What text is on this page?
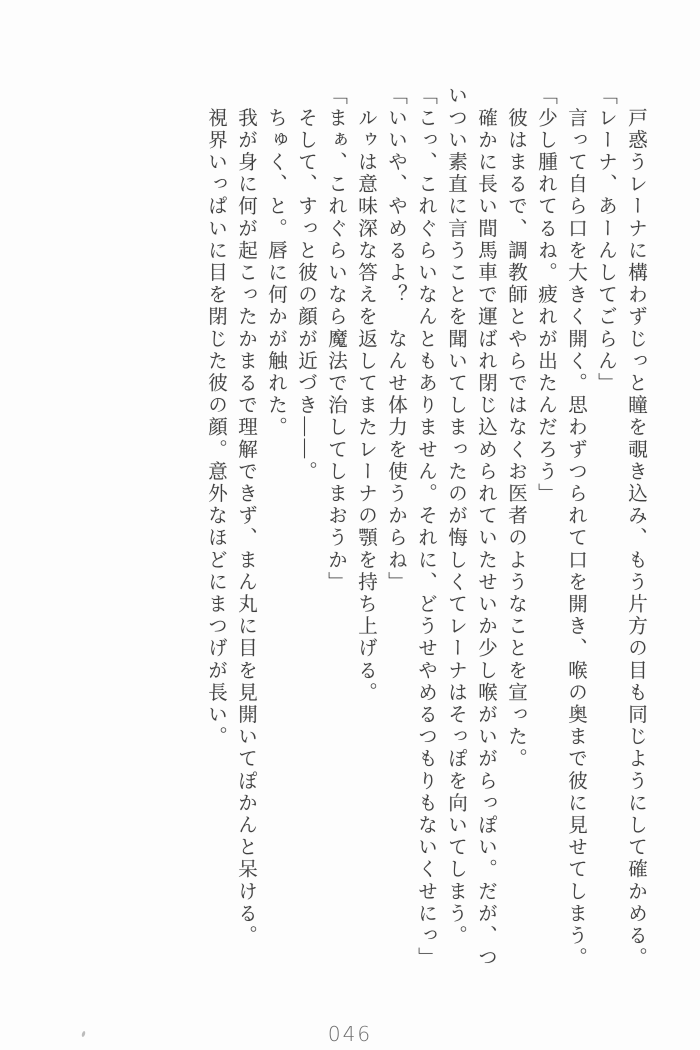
　戸惑うレーナに構わずじっと瞳を覗き込み、もう片方の目も同じようにして確かめる。

「レーナ、あーんしてごらん」

　言って自ら口を大きく開く。思わずつられて口を開き、喉の奥まで彼に見せてしまう。

「少し腫れてるね。疲れが出たんだろう」

　彼はまるで、調教師とやらではなくお医者のようなことを宣った。

　確かに長い間馬車で運ばれ閉じ込められていたせいか少し喉がいがらっぽい。だが、つ

いつい素直に言うことを聞いてしまったのが悔しくてレーナはそっぽを向いてしまう。

「こっ、これぐらいなんともありません。それに、どうせやめるつもりもないくせにっ」

「いいや、やめるよ？　なんせ体力を使うからね」

　ルゥは意味深な答えを返してまたレーナの顎を持ち上げる。

「まぁ、これぐらいなら魔法で治してしまおうか」

　そして、すっと彼の顔が近づき――。

　ちゅく、と。唇に何かが触れた。

　我が身に何が起こったかまるで理解できず、まん丸に目を見開いてぽかんと呆ける。

　視界いっぱいに目を閉じた彼の顔。意外なほどにまつげが長い。

046
